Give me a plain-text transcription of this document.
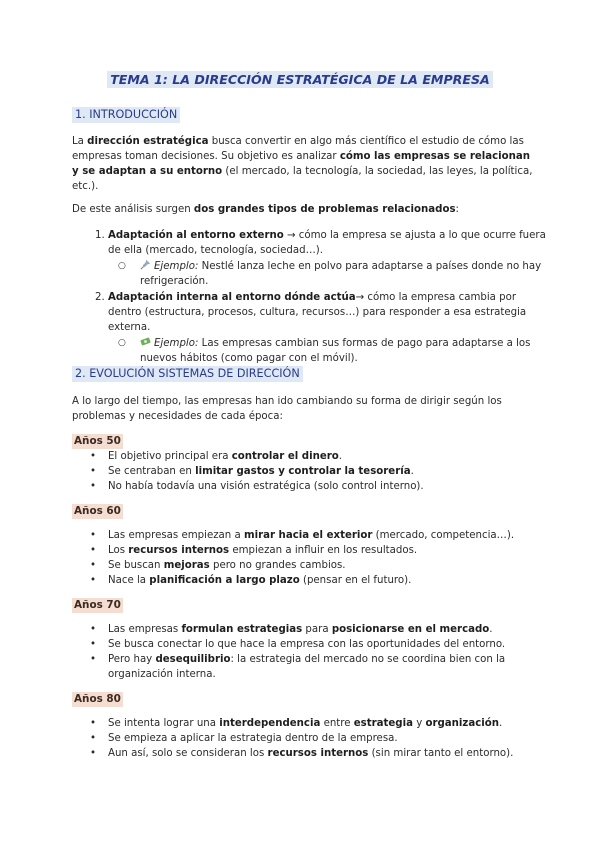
TEMA 1: LA DIRECCIÓN ESTRATÉGICA DE LA EMPRESA
1. INTRODUCCIÓN

La dirección estratégica busca convertir en algo más científico el estudio de cómo las empresas toman decisiones. Su objetivo es analizar cómo las empresas se relacionan y se adaptan a su entorno (el mercado, la tecnología, la sociedad, las leyes, la política, etc.).

De este análisis surgen dos grandes tipos de problemas relacionados:

1. Adaptación al entorno externo → cómo la empresa se ajusta a lo que ocurre fuera de ella (mercado, tecnología, sociedad…).
○	Ejemplo: Nestlé lanza leche en polvo para adaptarse a países donde no hay refrigeración.
2. Adaptación interna al entorno dónde actúa→ cómo la empresa cambia por dentro (estructura, procesos, cultura, recursos…) para responder a esa estrategia externa.
○	Ejemplo: Las empresas cambian sus formas de pago para adaptarse a los nuevos hábitos (como pagar con el móvil).
2. EVOLUCIÓN SISTEMAS DE DIRECCIÓN

A lo largo del tiempo, las empresas han ido cambiando su forma de dirigir según los problemas y necesidades de cada época:

Años 50
• El objetivo principal era controlar el dinero.
• Se centraban en limitar gastos y controlar la tesorería.
• No había todavía una visión estratégica (solo control interno).
Años 60
• Las empresas empiezan a mirar hacia el exterior (mercado, competencia…).
• Los recursos internos empiezan a influir en los resultados.
• Se buscan mejoras pero no grandes cambios.
• Nace la planificación a largo plazo (pensar en el futuro).
Años 70
• Las empresas formulan estrategias para posicionarse en el mercado.
• Se busca conectar lo que hace la empresa con las oportunidades del entorno.
• Pero hay desequilibrio: la estrategia del mercado no se coordina bien con la organización interna.
Años 80
• Se intenta lograr una interdependencia entre estrategia y organización.
• Se empieza a aplicar la estrategia dentro de la empresa.
• Aun así, solo se consideran los recursos internos (sin mirar tanto el entorno).
